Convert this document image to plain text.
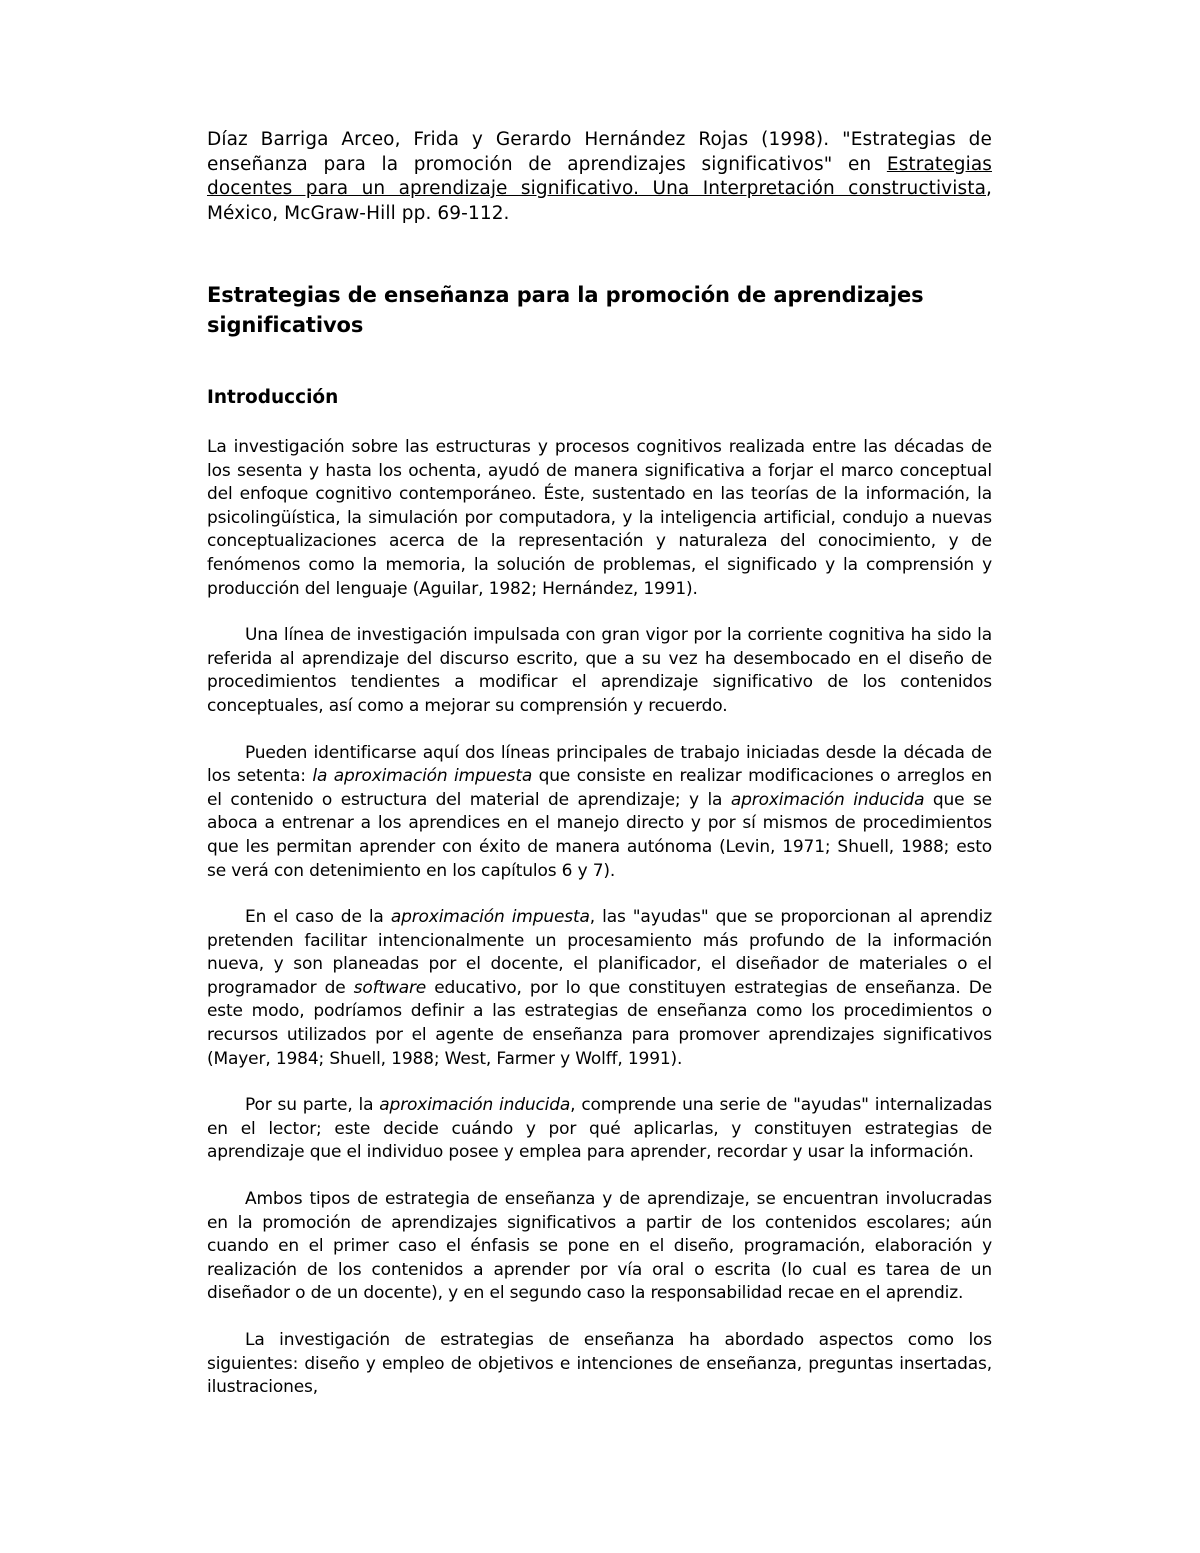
Díaz Barriga Arceo, Frida y Gerardo Hernández Rojas (1998). "Estrategias de enseñanza para la promoción de aprendizajes significativos" en Estrategias docentes para un aprendizaje significativo. Una Interpretación constructivista, México, McGraw-Hill pp. 69-112.

Estrategias de enseñanza para la promoción de aprendizajes significativos
Introducción

La investigación sobre las estructuras y procesos cognitivos realizada entre las décadas de los sesenta y hasta los ochenta, ayudó de manera significativa a forjar el marco conceptual del enfoque cognitivo contemporáneo. Éste, sustentado en las teorías de la información, la psicolingüística, la simulación por computadora, y la inteligencia artificial, condujo a nuevas conceptualizaciones acerca de la representación y naturaleza del conocimiento, y de fenómenos como la memoria, la solución de problemas, el significado y la comprensión y producción del lenguaje (Aguilar, 1982; Hernández, 1991).

Una línea de investigación impulsada con gran vigor por la corriente cognitiva ha sido la referida al aprendizaje del discurso escrito, que a su vez ha desembocado en el diseño de procedimientos tendientes a modificar el aprendizaje significativo de los contenidos conceptuales, así como a mejorar su comprensión y recuerdo.

Pueden identificarse aquí dos líneas principales de trabajo iniciadas desde la década de los setenta: la aproximación impuesta que consiste en realizar modificaciones o arreglos en el contenido o estructura del material de aprendizaje; y la aproximación inducida que se aboca a entrenar a los aprendices en el manejo directo y por sí mismos de procedimientos que les permitan aprender con éxito de manera autónoma (Levin, 1971; Shuell, 1988; esto se verá con detenimiento en los capítulos 6 y 7).

En el caso de la aproximación impuesta, las "ayudas" que se proporcionan al aprendiz pretenden facilitar intencionalmente un procesamiento más profundo de la información nueva, y son planeadas por el docente, el planificador, el diseñador de materiales o el programador de software educativo, por lo que constituyen estrategias de enseñanza. De este modo, podríamos definir a las estrategias de enseñanza como los procedimientos o recursos utilizados por el agente de enseñanza para promover aprendizajes significativos (Mayer, 1984; Shuell, 1988; West, Farmer y Wolff, 1991).

Por su parte, la aproximación inducida, comprende una serie de "ayudas" internalizadas en el lector; este decide cuándo y por qué aplicarlas, y constituyen estrategias de aprendizaje que el individuo posee y emplea para aprender, recordar y usar la información.

Ambos tipos de estrategia de enseñanza y de aprendizaje, se encuentran involucradas en la promoción de aprendizajes significativos a partir de los contenidos escolares; aún cuando en el primer caso el énfasis se pone en el diseño, programación, elaboración y realización de los contenidos a aprender por vía oral o escrita (lo cual es tarea de un diseñador o de un docente), y en el segundo caso la responsabilidad recae en el aprendiz.

La investigación de estrategias de enseñanza ha abordado aspectos como los siguientes: diseño y empleo de objetivos e intenciones de enseñanza, preguntas insertadas, ilustraciones,
